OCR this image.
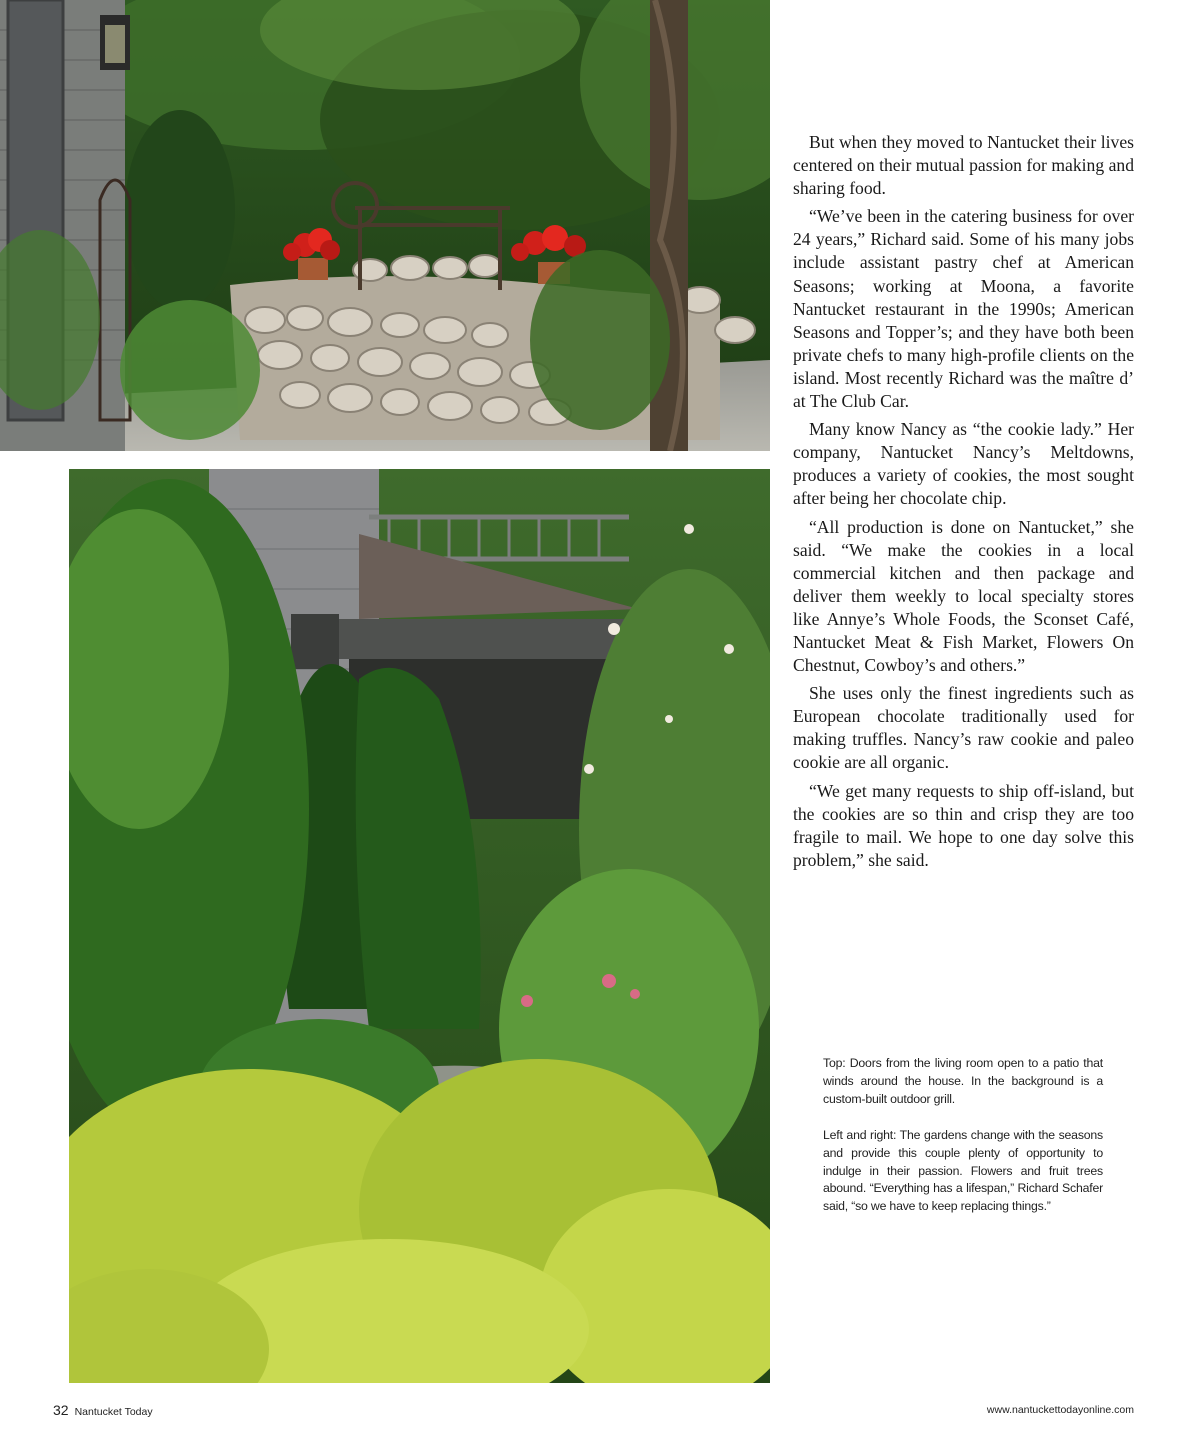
But when they moved to Nantucket their lives centered on their mutual passion for making and sharing food.

“We’ve been in the catering business for over 24 years,” Richard said. Some of his many jobs include assistant pastry chef at American Seasons; working at Moona, a favorite Nantucket restaurant in the 1990s; American Seasons and Topper’s; and they have both been private chefs to many high-profile clients on the island. Most recently Richard was the maître d’ at The Club Car.

Many know Nancy as “the cookie lady.” Her company, Nantucket Nancy’s Meltdowns, produces a variety of cookies, the most sought after being her chocolate chip.

“All production is done on Nantucket,” she said. “We make the cookies in a local commercial kitchen and then package and deliver them weekly to local specialty stores like Annye’s Whole Foods, the Sconset Café, Nantucket Meat & Fish Market, Flowers On Chestnut, Cowboy’s and others.”

She uses only the finest ingredients such as European chocolate traditionally used for making truffles. Nancy’s raw cookie and paleo cookie are all organic.

“We get many requests to ship off-island, but the cookies are so thin and crisp they are too fragile to mail. We hope to one day solve this problem,” she said.

Top: Doors from the living room open to a patio that winds around the house. In the background is a custom-built outdoor grill.

Left and right: The gardens change with the seasons and provide this couple plenty of opportunity to indulge in their passion. Flowers and fruit trees abound. “Everything has a lifespan,” Richard Schafer said, “so we have to keep replacing things.”

32 Nantucket Today	www.nantuckettodayonline.com
